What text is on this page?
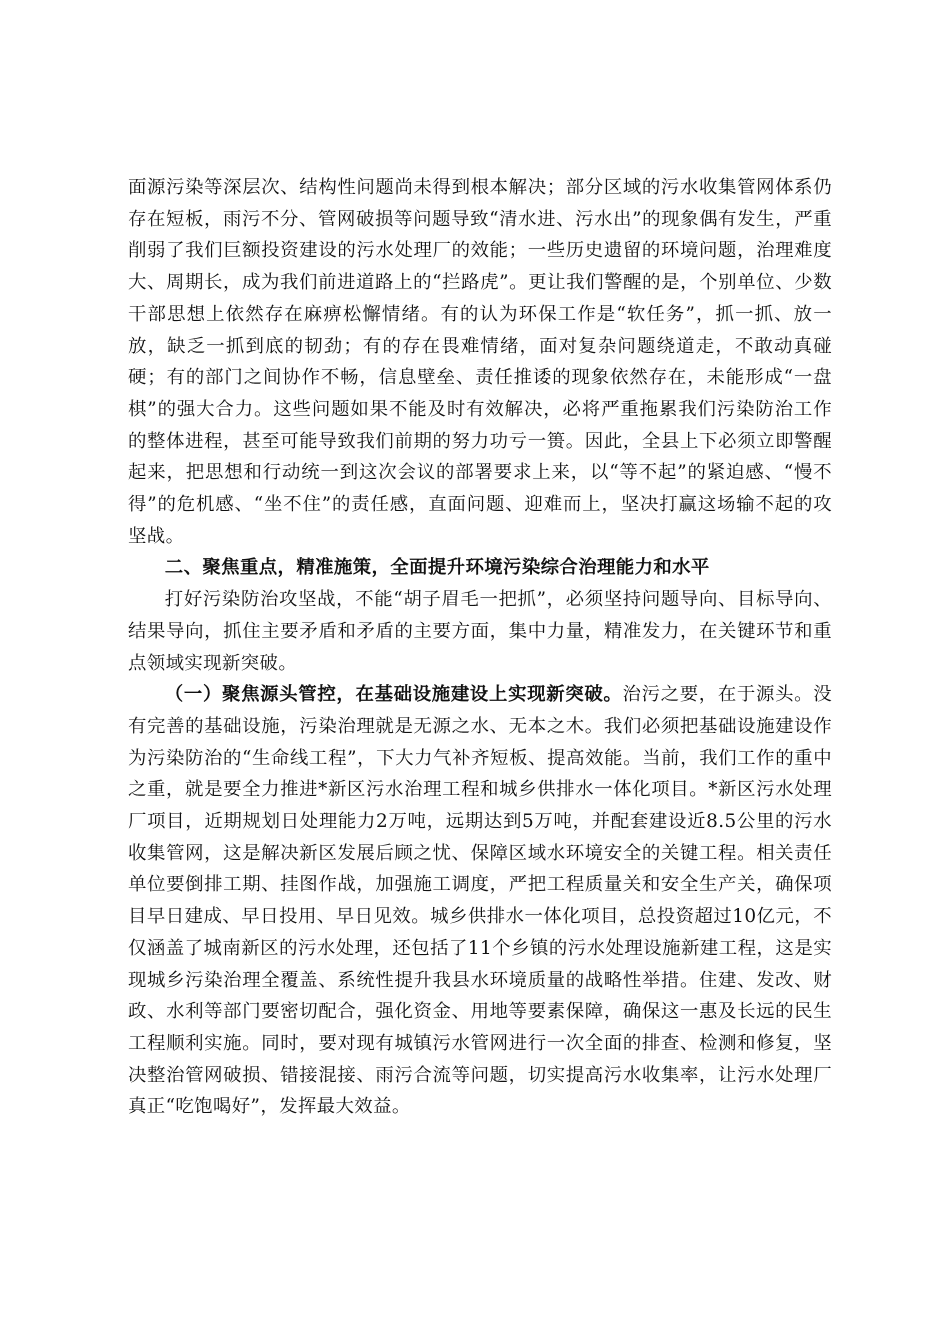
面源污染等深层次、结构性问题尚未得到根本解决；部分区域的污水收集管网体系仍存在短板，雨污不分、管网破损等问题导致“清水进、污水出”的现象偶有发生，严重削弱了我们巨额投资建设的污水处理厂的效能；一些历史遗留的环境问题，治理难度大、周期长，成为我们前进道路上的“拦路虎”。更让我们警醒的是，个别单位、少数干部思想上依然存在麻痹松懈情绪。有的认为环保工作是“软任务”，抓一抓、放一放，缺乏一抓到底的韧劲；有的存在畏难情绪，面对复杂问题绕道走，不敢动真碰硬；有的部门之间协作不畅，信息壁垒、责任推诿的现象依然存在，未能形成“一盘棋”的强大合力。这些问题如果不能及时有效解决，必将严重拖累我们污染防治工作的整体进程，甚至可能导致我们前期的努力功亏一篑。因此，全县上下必须立即警醒起来，把思想和行动统一到这次会议的部署要求上来，以“等不起”的紧迫感、“慢不得”的危机感、“坐不住”的责任感，直面问题、迎难而上，坚决打赢这场输不起的攻坚战。

二、聚焦重点，精准施策，全面提升环境污染综合治理能力和水平

打好污染防治攻坚战，不能“胡子眉毛一把抓”，必须坚持问题导向、目标导向、结果导向，抓住主要矛盾和矛盾的主要方面，集中力量，精准发力，在关键环节和重点领域实现新突破。

（一）聚焦源头管控，在基础设施建设上实现新突破。治污之要，在于源头。没有完善的基础设施，污染治理就是无源之水、无本之木。我们必须把基础设施建设作为污染防治的“生命线工程”，下大力气补齐短板、提高效能。当前，我们工作的重中之重，就是要全力推进*新区污水治理工程和城乡供排水一体化项目。*新区污水处理厂项目，近期规划日处理能力2万吨，远期达到5万吨，并配套建设近8.5公里的污水收集管网，这是解决新区发展后顾之忧、保障区域水环境安全的关键工程。相关责任单位要倒排工期、挂图作战，加强施工调度，严把工程质量关和安全生产关，确保项目早日建成、早日投用、早日见效。城乡供排水一体化项目，总投资超过10亿元，不仅涵盖了城南新区的污水处理，还包括了11个乡镇的污水处理设施新建工程，这是实现城乡污染治理全覆盖、系统性提升我县水环境质量的战略性举措。住建、发改、财政、水利等部门要密切配合，强化资金、用地等要素保障，确保这一惠及长远的民生工程顺利实施。同时，要对现有城镇污水管网进行一次全面的排查、检测和修复，坚决整治管网破损、错接混接、雨污合流等问题，切实提高污水收集率，让污水处理厂真正“吃饱喝好”，发挥最大效益。
